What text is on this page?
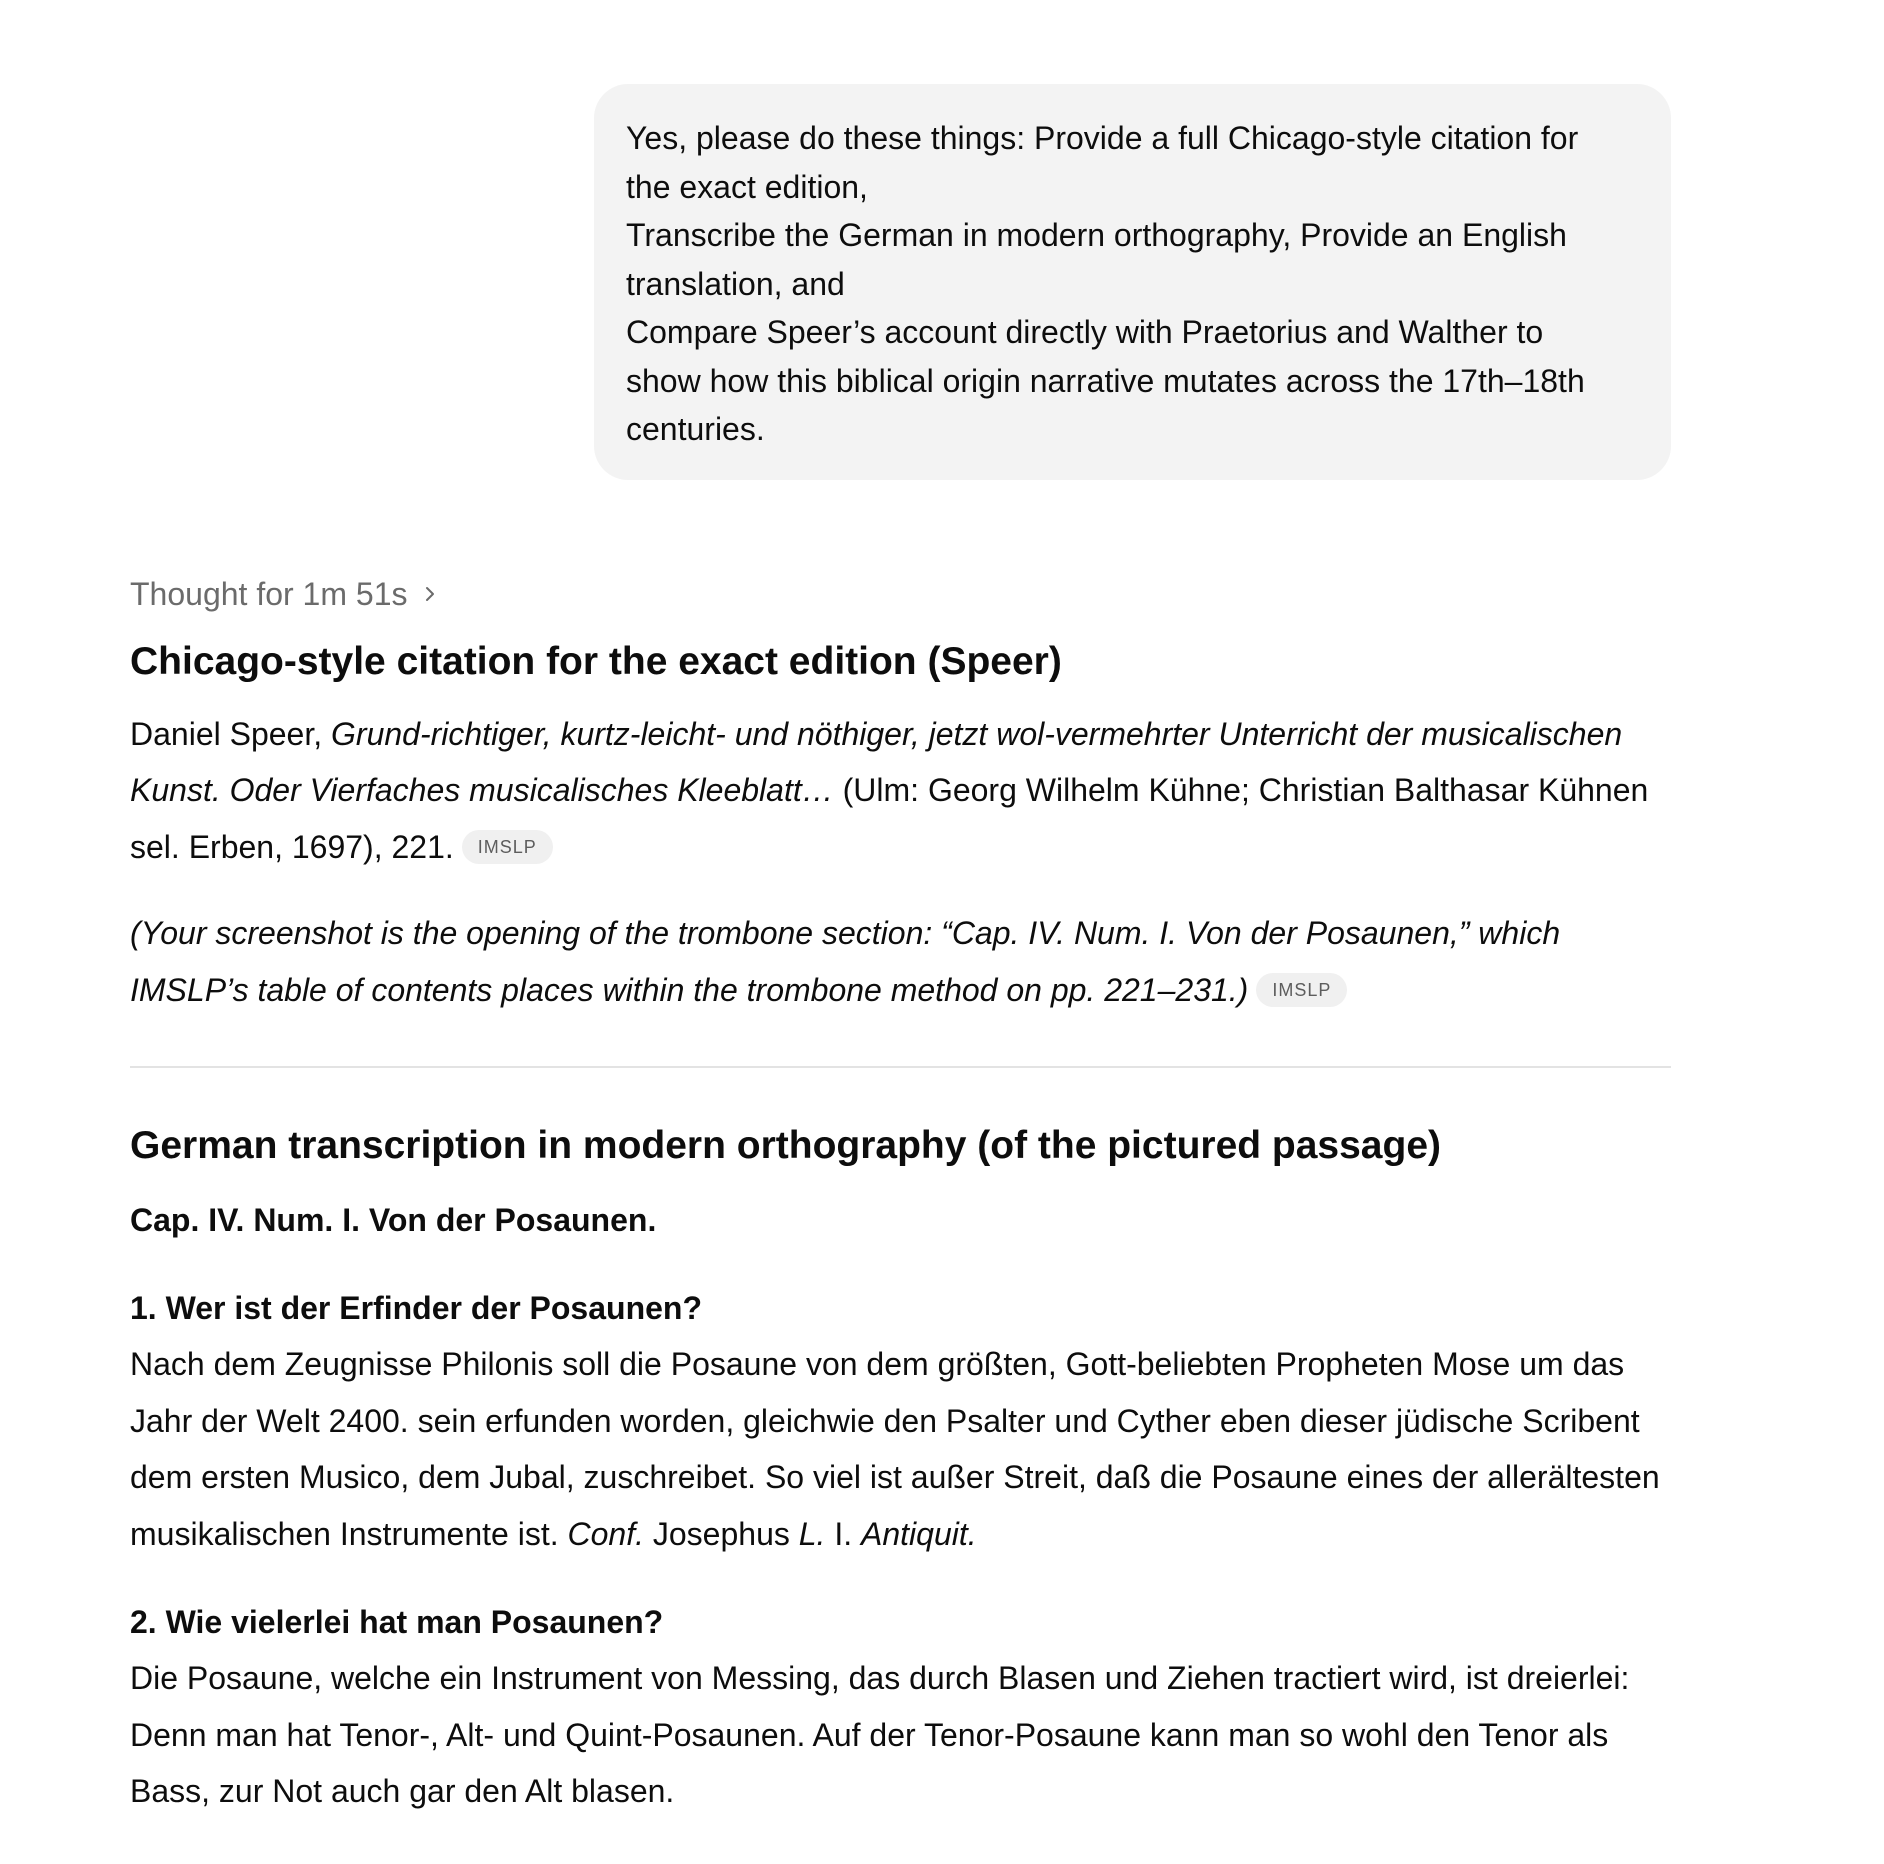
Yes, please do these things: Provide a full Chicago-style citation for
the exact edition,
Transcribe the German in modern orthography, Provide an English
translation, and
Compare Speer’s account directly with Praetorius and Walther to
show how this biblical origin narrative mutates across the 17th–18th
centuries.
Thought for 1m 51s
Chicago-style citation for the exact edition (Speer)

Daniel Speer, Grund-richtiger, kurtz-leicht- und nöthiger, jetzt wol-vermehrter Unterricht der musicalischen Kunst. Oder Vierfaches musicalisches Kleeblatt… (Ulm: Georg Wilhelm Kühne; Christian Balthasar Kühnen sel. Erben, 1697), 221. IMSLP

(Your screenshot is the opening of the trombone section: “Cap. IV. Num. I. Von der Posaunen,” which IMSLP’s table of contents places within the trombone method on pp. 221–231.) IMSLP

German transcription in modern orthography (of the pictured passage)
Cap. IV. Num. I. Von der Posaunen.
1. Wer ist der Erfinder der Posaunen?

Nach dem Zeugnisse Philonis soll die Posaune von dem größten, Gott-beliebten Propheten Mose um das Jahr der Welt 2400. sein erfunden worden, gleichwie den Psalter und Cyther eben dieser jüdische Scribent dem ersten Musico, dem Jubal, zuschreibet. So viel ist außer Streit, daß die Posaune eines der allerältesten musikalischen Instrumente ist. Conf. Josephus L. I. Antiquit.

2. Wie vielerlei hat man Posaunen?

Die Posaune, welche ein Instrument von Messing, das durch Blasen und Ziehen tractiert wird, ist dreierlei: Denn man hat Tenor-, Alt- und Quint-Posaunen. Auf der Tenor-Posaune kann man so wohl den Tenor als Bass, zur Not auch gar den Alt blasen.
